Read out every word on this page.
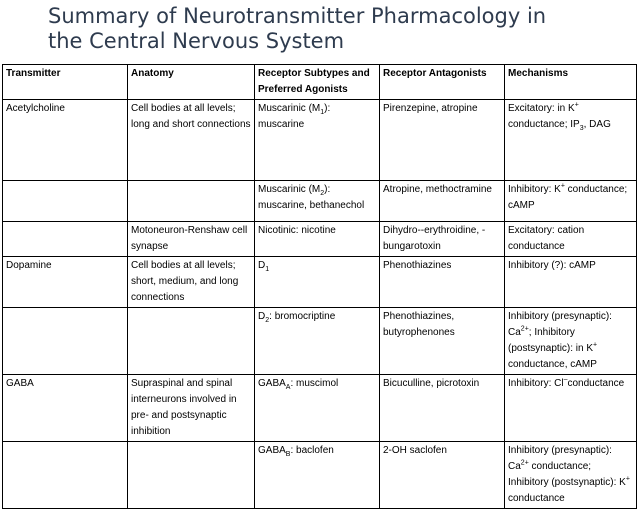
Summary of Neurotransmitter Pharmacology in
the Central Nervous System
Transmitter	Anatomy	Receptor Subtypes and Preferred Agonists	Receptor Antagonists	Mechanisms
Acetylcholine	Cell bodies at all levels; long and short connections	Muscarinic $(M_1)$: muscarine	Pirenzepine, atropine	Excitatory: in K+ conductance; $IP_3$, DAG
		Muscarinic $(M_2)$: muscarine, bethanechol	Atropine, methoctramine	Inhibitory: K+ conductance; cAMP
	Motoneuron-Renshaw cell synapse	Nicotinic: nicotine	Dihydro--erythroidine, -bungarotoxin	Excitatory: cation conductance
Dopamine	Cell bodies at all levels; short, medium, and long connections	$D_1$	Phenothiazines	Inhibitory (?): cAMP
		$D_2$: bromocriptine	Phenothiazines, butyrophenones	Inhibitory (presynaptic): $Ca^{2+}$; Inhibitory (postsynaptic): in K+ conductance, cAMP
GABA	Supraspinal and spinal interneurons involved in pre- and postsynaptic inhibition	$GABA_A$: muscimol	Bicuculline, picrotoxin	Inhibitory: Cl–conductance
		$GABA_B$: baclofen	2-OH saclofen	Inhibitory (presynaptic): $Ca^{2+}$ conductance; Inhibitory (postsynaptic): K+ conductance
